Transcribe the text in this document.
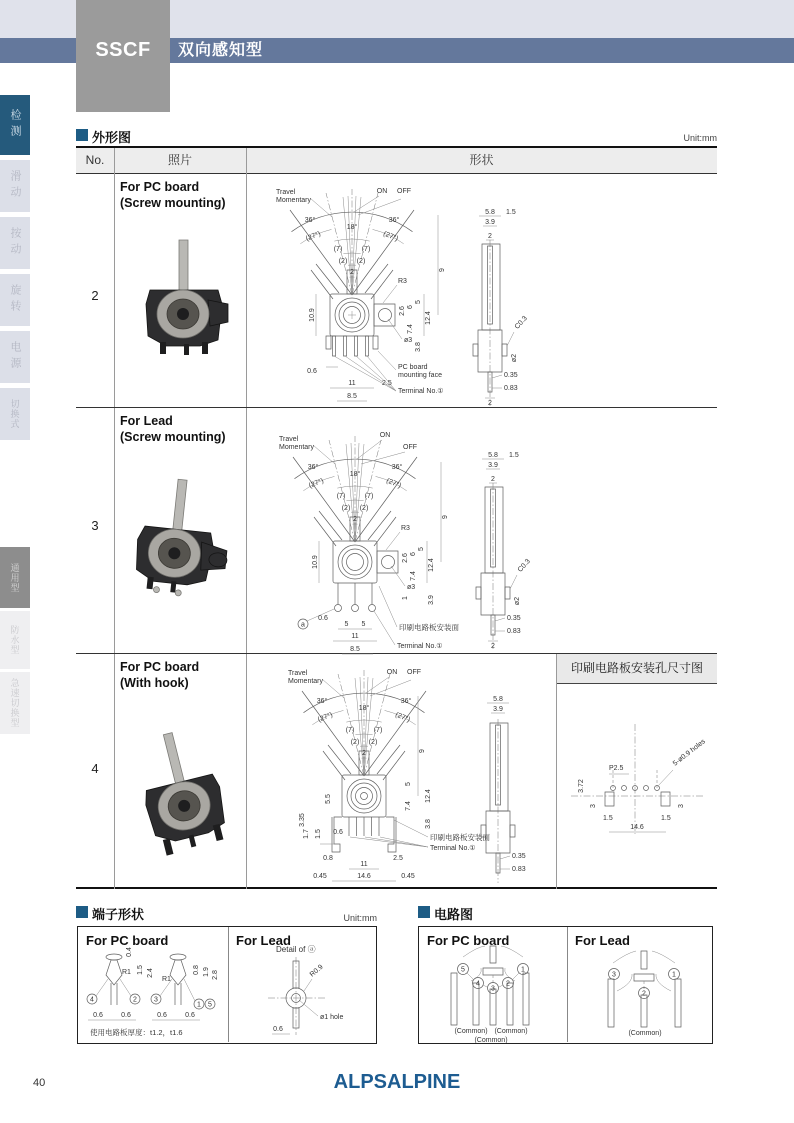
SSCF	双向感知型
检测
滑动
按动
旋转
电源
切换式
通用型
防水型
急速切换型
外形图	Unit:mm
No.	照片	形状
2
For PC board
(Screw mounting)
Travel
Momentary
ON OFF
36°	36°
18°
(27°)	(27°)
(7)	(7)
(2) (2)
2
10.9
0.6
11	2.5
8.5
PC board
mounting face
Terminal No.①
R3
2.6 6
5
7.4
12.4
9
ø3
3.8
5.8 1.5
3.9
2
C0.3
ø2
0.35
0.83
2
3
For Lead
(Screw mounting)	Travel
Momentary
ON
OFF
36°	36°
18°
(27°)	(27°)
(7)	(7)
(2) (2)
2
10.9
a
0.6
5 5
11
8.5
印刷电路板安装面
Terminal No.①
R3
2.6 6
5
7.4
12.4
9
ø3
1	3.9
5.8 1.5
3.9
2
C0.3
ø2
0.35
0.83
2
4
For PC board
(With hook)
Travel
Momentary
ON OFF
36°	36°
18°
(27°)	(27°)
(7)	(7)
(2) (2)
2
5.5
3.35
1.7 1.5 0.6
0.8
11
2.5
14.6
0.45	0.45
9
5
7.4
12.4
3.8
印刷电路板安装面
Terminal No.①
5.8
3.9
0.35
0.83
印刷电路板安装孔尺寸图
P2.5
5-ø0.9 holes
3.72
3	3
1.5	1.5
14.6
端子形状	Unit:mm
For PC board	For Lead
0.4
R1 1.5 2.4
4	2
0.6	0.6
R1
0.8 1.9 2.8
3
1 5
0.6	0.6
使用电路板厚度：t1.2，t1.6
Detail of ⓐ
R0.9
ø1 hole
0.6
电路图
For PC board	For Lead
5
4
3
2
1
(Common) (Common)
(Common)
3
2
1
(Common)
40	ALPSALPINE
